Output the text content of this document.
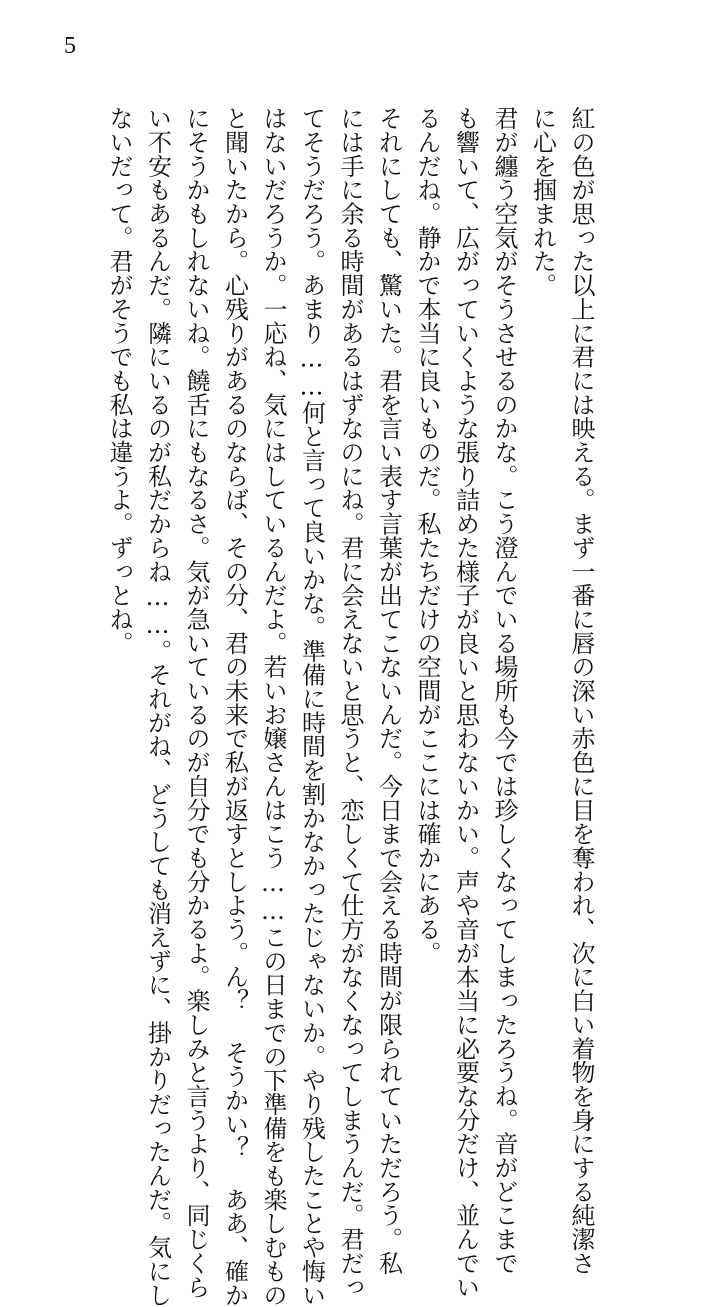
5
紅の色が思った以上に君には映える。まず一番に唇の深い赤色に目を奪われ、次に白い着物を身にする純潔さ
に心を掴まれた。
君が纏う空気がそうさせるのかな。こう澄んでいる場所も今では珍しくなってしまったろうね。音がどこまで
も響いて、広がっていくような張り詰めた様子が良いと思わないかい。声や音が本当に必要な分だけ、並んでい
るんだね。静かで本当に良いものだ。私たちだけの空間がここには確かにある。
それにしても、驚いた。君を言い表す言葉が出てこないんだ。今日まで会える時間が限られていただろう。私
には手に余る時間があるはずなのにね。君に会えないと思うと、恋しくて仕方がなくなってしまうんだ。君だっ
てそうだろう。あまり……何と言って良いかな。準備に時間を割かなかったじゃないか。やり残したことや悔い
はないだろうか。一応ね、気にはしているんだよ。若いお嬢さんはこう……この日までの下準備をも楽しむもの
と聞いたから。心残りがあるのならば、その分、君の未来で私が返すとしよう。ん？ そうかい？ ああ、確か
にそうかもしれないね。饒舌にもなるさ。気が急いているのが自分でも分かるよ。楽しみと言うより、同じくら
い不安もあるんだ。隣にいるのが私だからね……。それがね、どうしても消えずに、掛かりだったんだ。気にし
ないだって。君がそうでも私は違うよ。ずっとね。
